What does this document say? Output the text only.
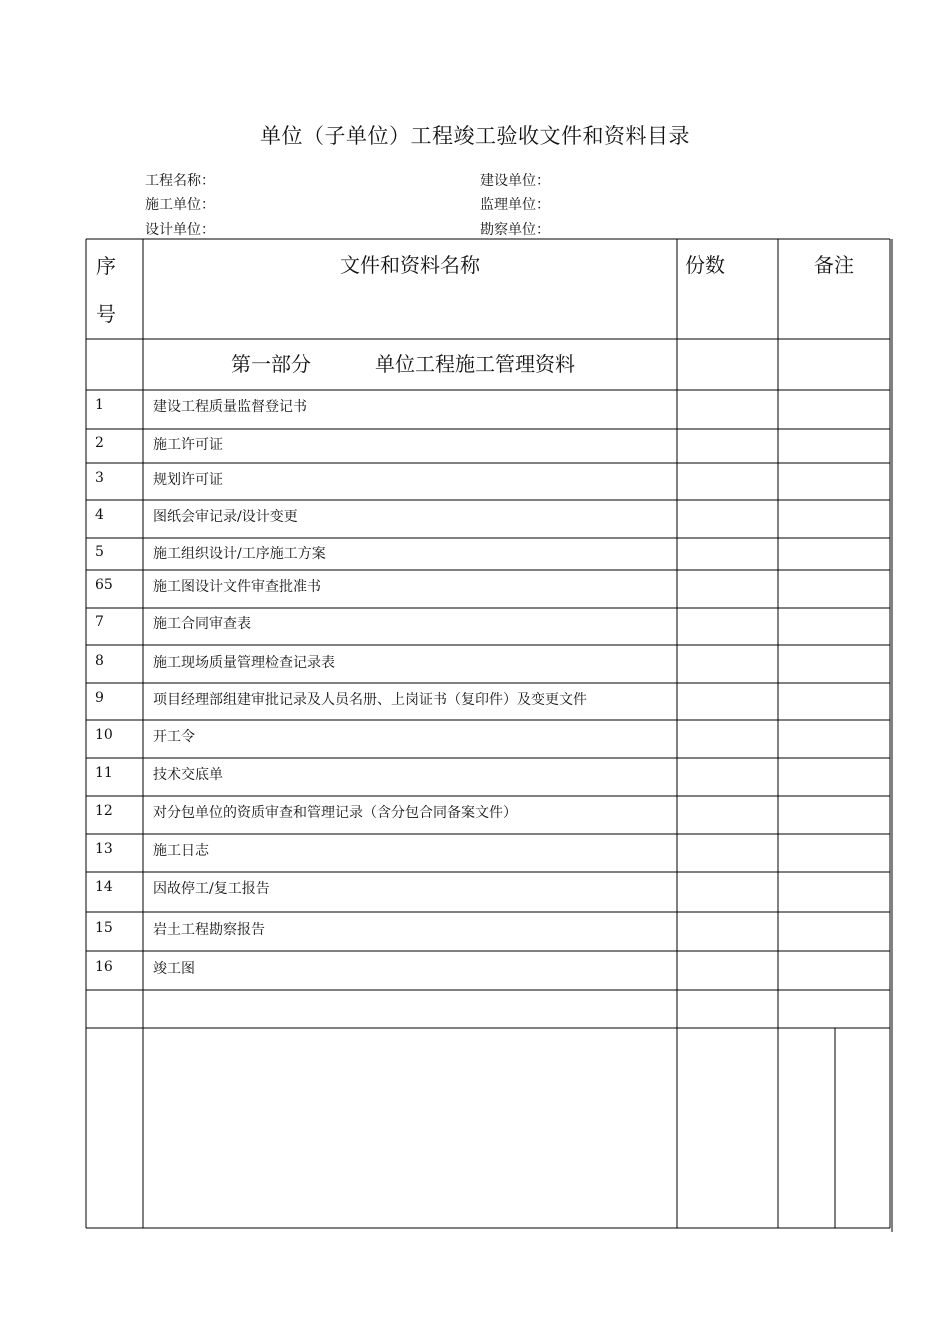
单位（子单位）工程竣工验收文件和资料目录
工程名称：	建设单位：
施工单位：	监理单位：
设计单位：	勘察单位：
序
号
文件和资料名称	份数	备注
第一部分	单位工程施工管理资料
1	建设工程质量监督登记书
2	施工许可证
3	规划许可证
4	图纸会审记录/设计变更
5	施工组织设计/工序施工方案
65	施工图设计文件审查批准书
7	施工合同审查表
8	施工现场质量管理检查记录表
9	项目经理部组建审批记录及人员名册、上岗证书（复印件）及变更文件
10	开工令
11	技术交底单
12	对分包单位的资质审查和管理记录（含分包合同备案文件）
13	施工日志
14	因故停工/复工报告
15	岩土工程勘察报告
16	竣工图
